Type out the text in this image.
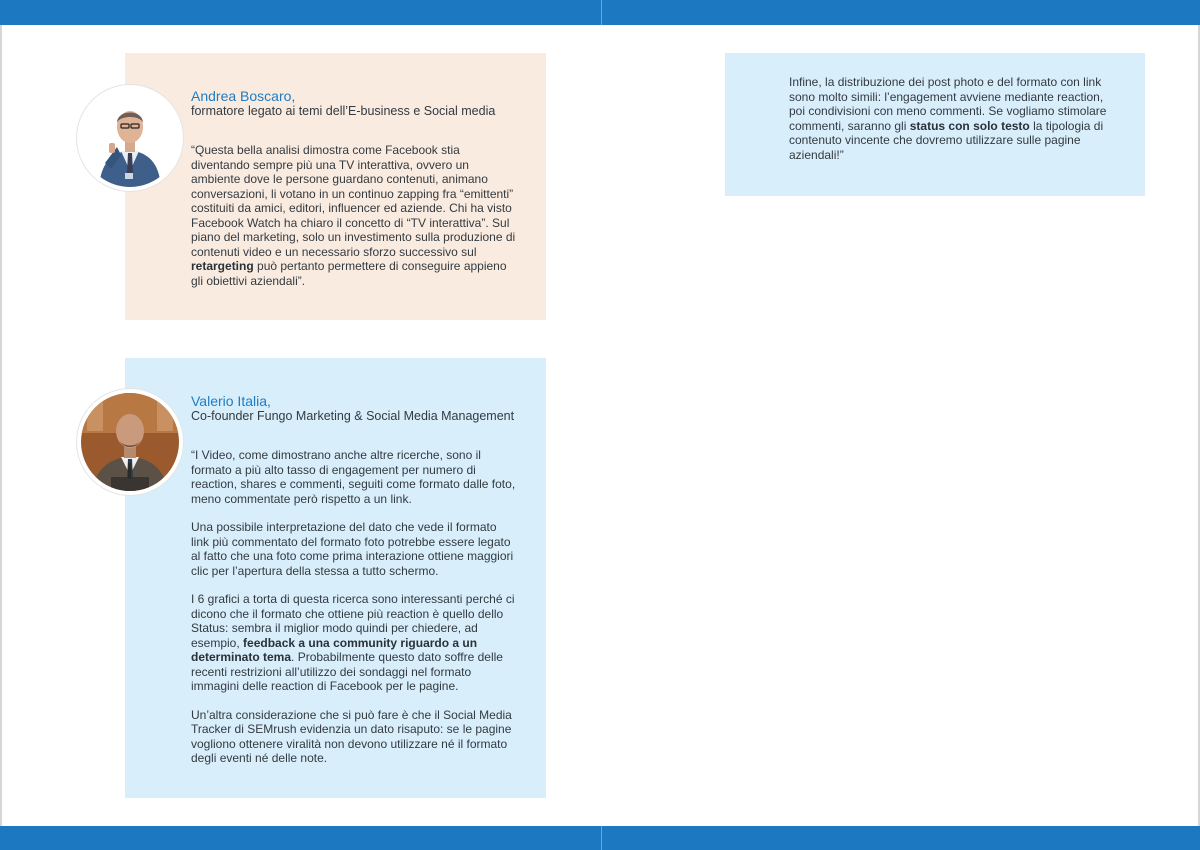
Andrea Boscaro,
formatore legato ai temi dell’E-business e Social media

“Questa bella analisi dimostra come Facebook stia diventando sempre più una TV interattiva, ovvero un ambiente dove le persone guardano contenuti, animano conversazioni, li votano in un continuo zapping fra “emittenti” costituiti da amici, editori, influencer ed aziende. Chi ha visto Facebook Watch ha chiaro il concetto di “TV interattiva”. Sul piano del marketing, solo un investimento sulla produzione di contenuti video e un necessario sforzo successivo sul retargeting può pertanto permettere di conseguire appieno gli obiettivi aziendali”.

Valerio Italia,
Co-founder Fungo Marketing & Social Media Management

“I Video, come dimostrano anche altre ricerche, sono il formato a più alto tasso di engagement per numero di reaction, shares e commenti, seguiti come formato dalle foto, meno commentate però rispetto a un link.

Una possibile interpretazione del dato che vede il formato link più commentato del formato foto potrebbe essere legato al fatto che una foto come prima interazione ottiene maggiori clic per l’apertura della stessa a tutto schermo.

I 6 grafici a torta di questa ricerca sono interessanti perché ci dicono che il formato che ottiene più reaction è quello dello Status: sembra il miglior modo quindi per chiedere, ad esempio, feedback a una community riguardo a un determinato tema. Probabilmente questo dato soffre delle recenti restrizioni all’utilizzo dei sondaggi nel formato immagini delle reaction di Facebook per le pagine.

Un’altra considerazione che si può fare è che il Social Media Tracker di SEMrush evidenzia un dato risaputo: se le pagine vogliono ottenere viralità non devono utilizzare né il formato degli eventi né delle note.

Infine, la distribuzione dei post photo e del formato con link sono molto simili: l’engagement avviene mediante reaction, poi condivisioni con meno commenti. Se vogliamo stimolare commenti, saranno gli status con solo testo la tipologia di contenuto vincente che dovremo utilizzare sulle pagine aziendali!”
